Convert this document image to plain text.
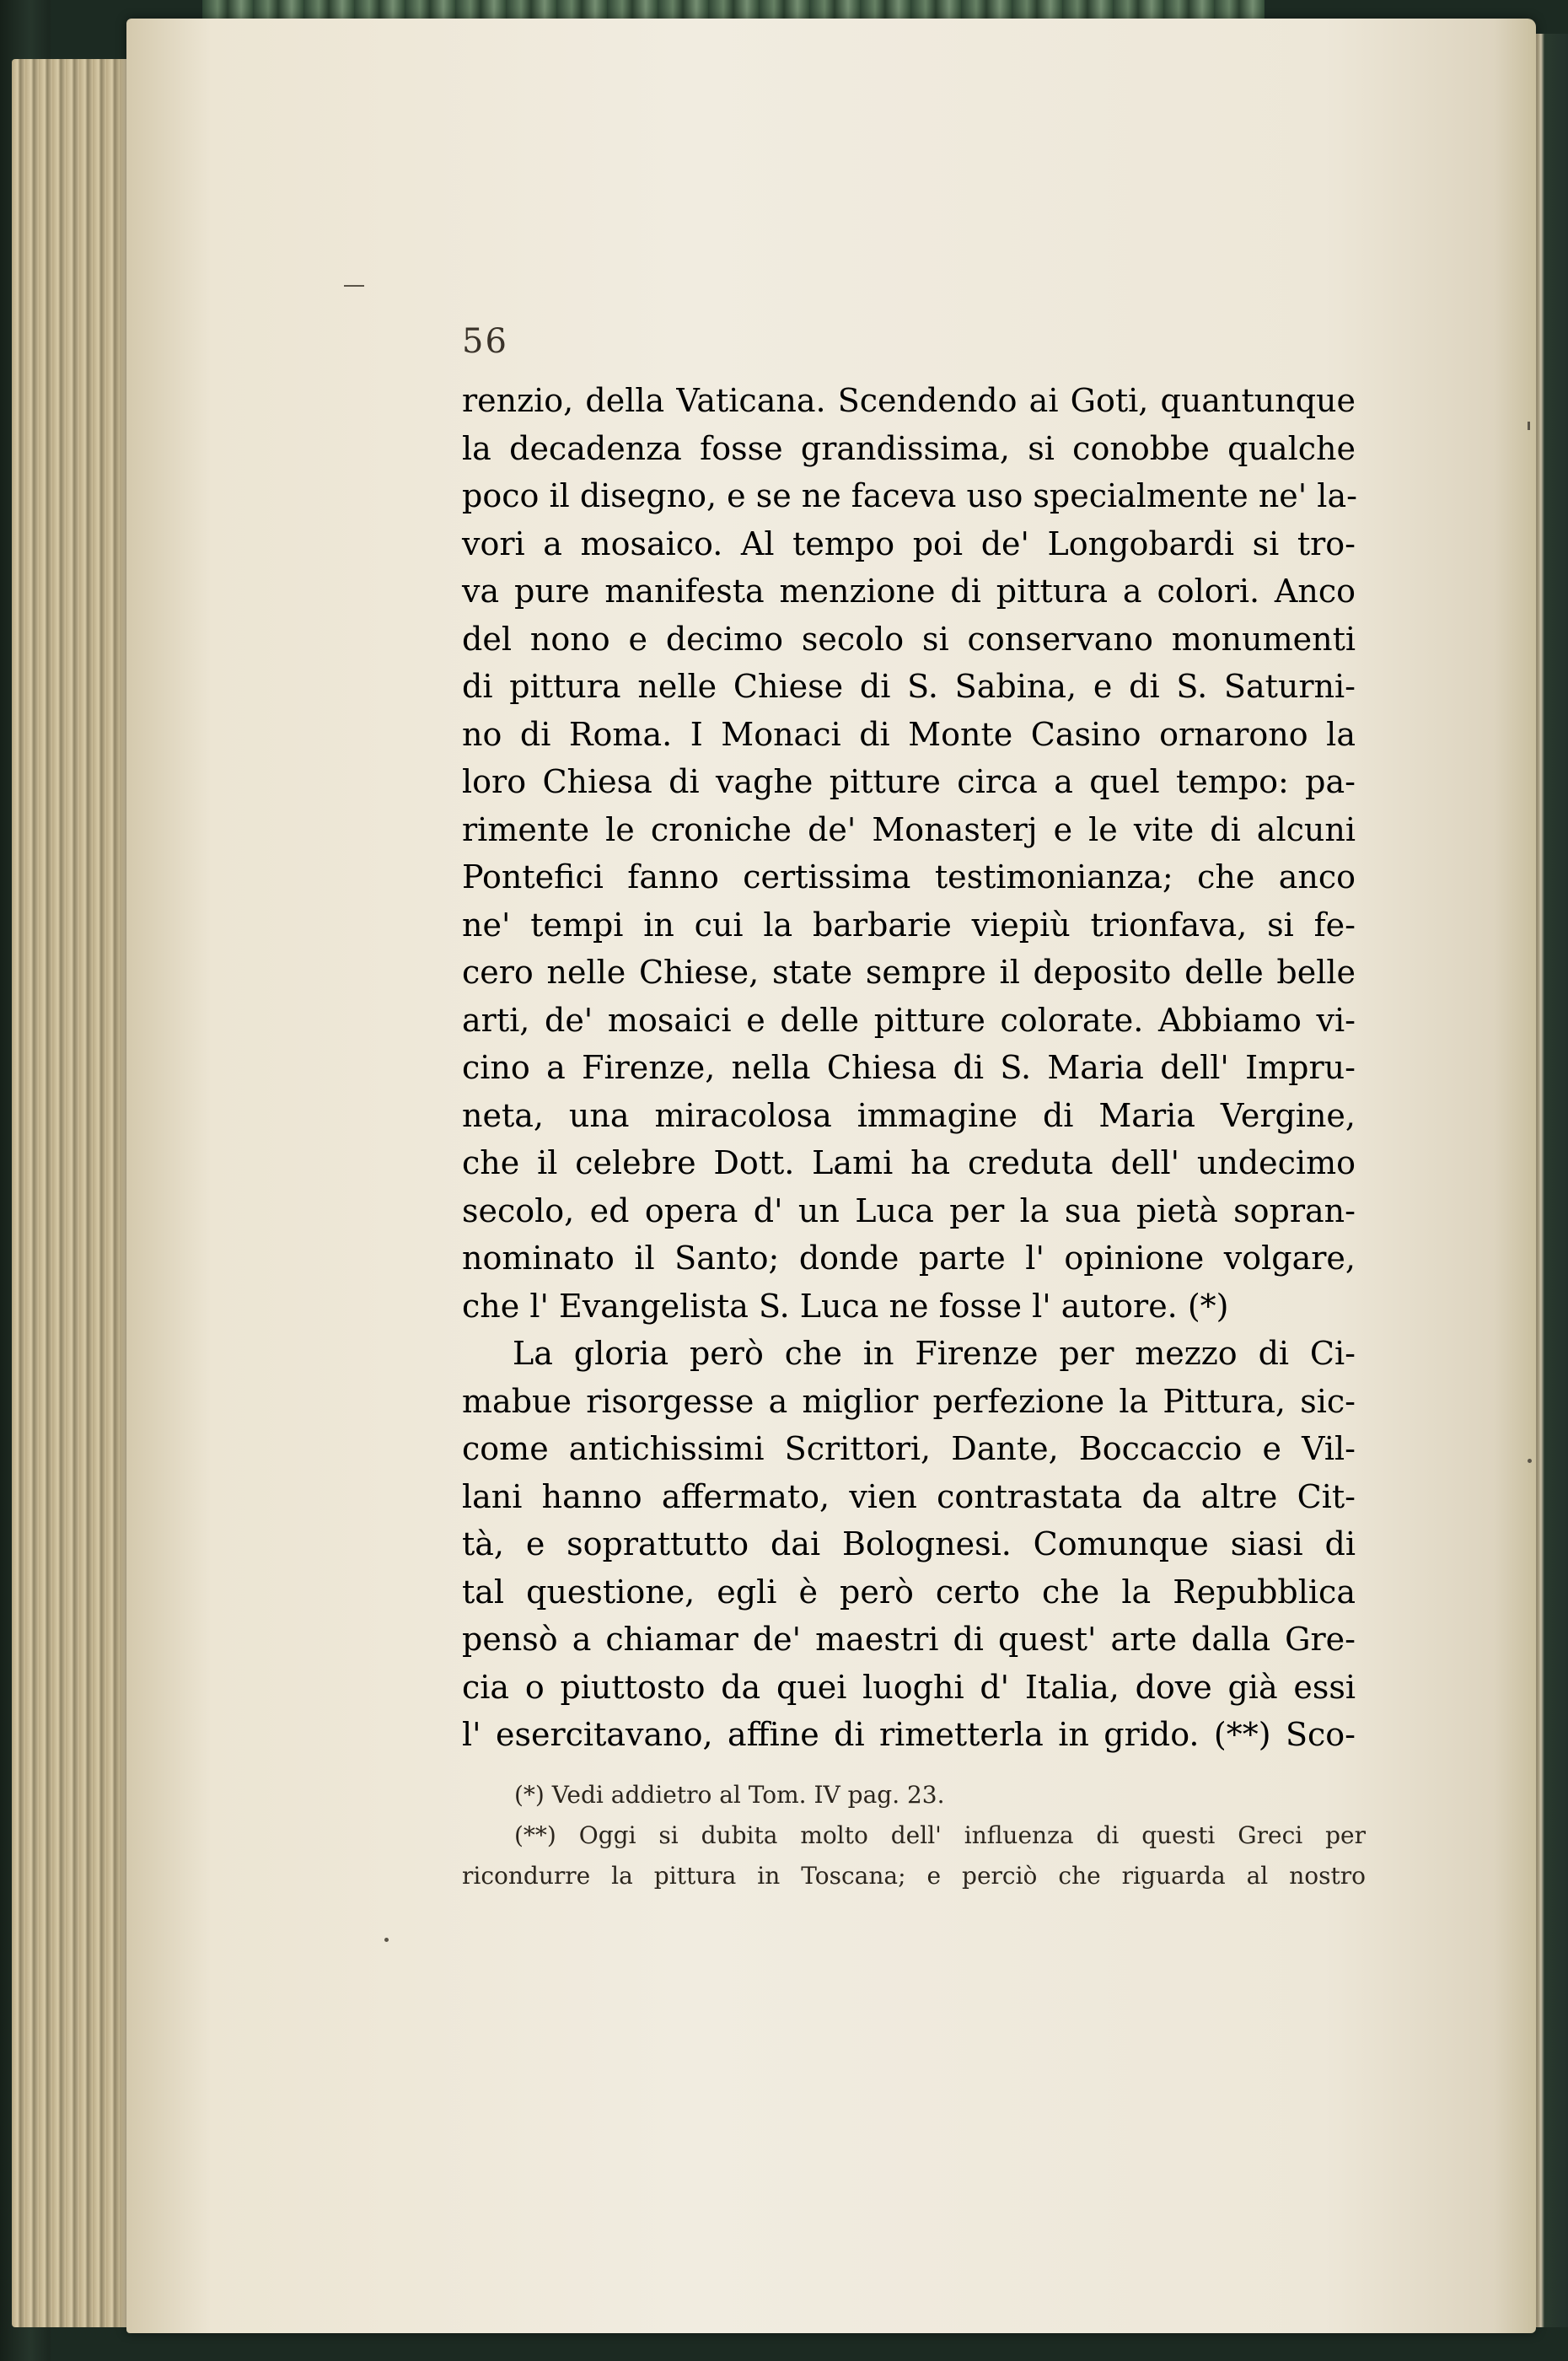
56
renzio, della Vaticana. Scendendo ai Goti, quantunque
la decadenza fosse grandissima, si conobbe qualche
poco il disegno, e se ne faceva uso specialmente ne' la-
vori a mosaico. Al tempo poi de' Longobardi si tro-
va pure manifesta menzione di pittura a colori. Anco
del nono e decimo secolo si conservano monumenti
di pittura nelle Chiese di S. Sabina, e di S. Saturni-
no di Roma. I Monaci di Monte Casino ornarono la
loro Chiesa di vaghe pitture circa a quel tempo: pa-
rimente le croniche de' Monasterj e le vite di alcuni
Pontefici fanno certissima testimonianza; che anco
ne' tempi in cui la barbarie viepiù trionfava, si fe-
cero nelle Chiese, state sempre il deposito delle belle
arti, de' mosaici e delle pitture colorate. Abbiamo vi-
cino a Firenze, nella Chiesa di S. Maria dell' Impru-
neta, una miracolosa immagine di Maria Vergine,
che il celebre Dott. Lami ha creduta dell' undecimo
secolo, ed opera d' un Luca per la sua pietà sopran-
nominato il Santo; donde parte l' opinione volgare,
che l' Evangelista S. Luca ne fosse l' autore. (*)
La gloria però che in Firenze per mezzo di Ci-
mabue risorgesse a miglior perfezione la Pittura, sic-
come antichissimi Scrittori, Dante, Boccaccio e Vil-
lani hanno affermato, vien contrastata da altre Cit-
tà, e soprattutto dai Bolognesi. Comunque siasi di
tal questione, egli è però certo che la Repubblica
pensò a chiamar de' maestri di quest' arte dalla Gre-
cia o piuttosto da quei luoghi d' Italia, dove già essi
l' esercitavano, affine di rimetterla in grido. (**) Sco-
(*) Vedi addietro al Tom. IV pag. 23.
(**) Oggi si dubita molto dell' influenza di questi Greci per
ricondurre la pittura in Toscana; e perciò che riguarda al nostro
